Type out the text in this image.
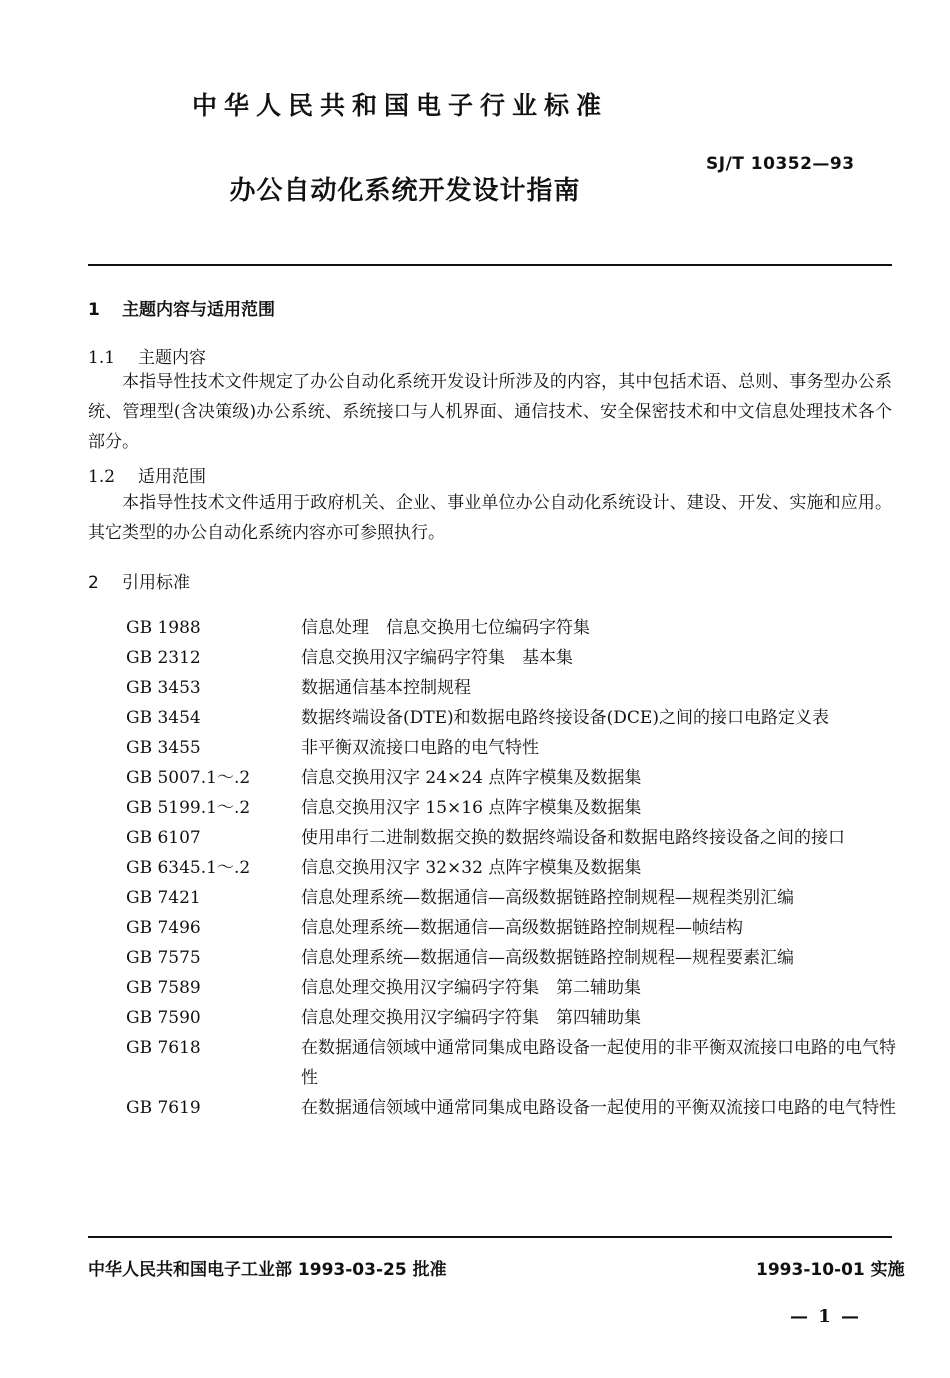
中华人民共和国电子行业标准
SJ/T 10352—93
办公自动化系统开发设计指南
1 主题内容与适用范围
1.1 主题内容

本指导性技术文件规定了办公自动化系统开发设计所涉及的内容，其中包括术语、总则、事务型办公系统、管理型(含决策级)办公系统、系统接口与人机界面、通信技术、安全保密技术和中文信息处理技术各个部分。

1.2 适用范围

本指导性技术文件适用于政府机关、企业、事业单位办公自动化系统设计、建设、开发、实施和应用。其它类型的办公自动化系统内容亦可参照执行。

2 引用标准
GB 1988	信息处理　信息交换用七位编码字符集
GB 2312	信息交换用汉字编码字符集　基本集
GB 3453	数据通信基本控制规程
GB 3454	数据终端设备(DTE)和数据电路终接设备(DCE)之间的接口电路定义表
GB 3455	非平衡双流接口电路的电气特性
GB 5007.1～.2	信息交换用汉字 24×24 点阵字模集及数据集
GB 5199.1～.2	信息交换用汉字 15×16 点阵字模集及数据集
GB 6107	使用串行二进制数据交换的数据终端设备和数据电路终接设备之间的接口
GB 6345.1～.2	信息交换用汉字 32×32 点阵字模集及数据集
GB 7421	信息处理系统—数据通信—高级数据链路控制规程—规程类别汇编
GB 7496	信息处理系统—数据通信—高级数据链路控制规程—帧结构
GB 7575	信息处理系统—数据通信—高级数据链路控制规程—规程要素汇编
GB 7589	信息处理交换用汉字编码字符集　第二辅助集
GB 7590	信息处理交换用汉字编码字符集　第四辅助集
GB 7618	在数据通信领域中通常同集成电路设备一起使用的非平衡双流接口电路的电气特性
GB 7619	在数据通信领域中通常同集成电路设备一起使用的平衡双流接口电路的电气特性
中华人民共和国电子工业部 1993-03-25 批准	1993-10-01 实施
— 1 —
